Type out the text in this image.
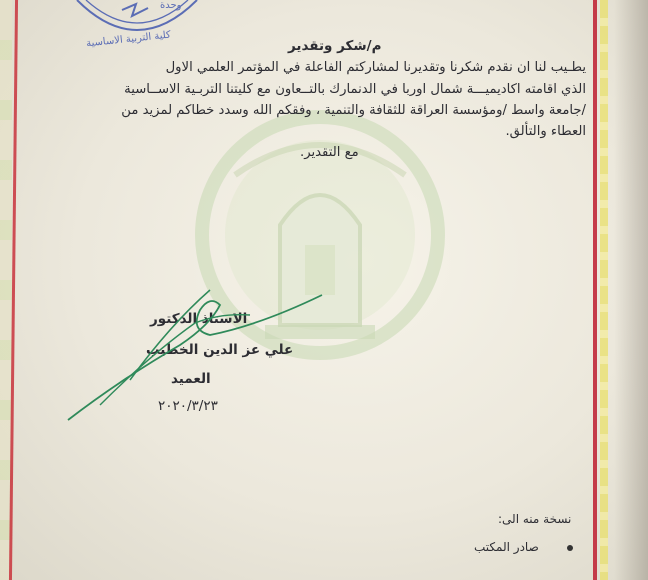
كلية التربية الاساسية
وحدة
م/شكر وتقدير
يطـيب لنا ان نقدم شكرنا وتقديرنا لمشاركتم الفاعلة في المؤتمر العلمي الاول
الذي اقامته اكاديميـــة شمال اوربا في الدنمارك بالتــعاون مع كليتنا التربـية الاســاسية
/جامعة واسط /ومؤسسة العراقة للثقافة والتنمية ، وفقكم الله وسدد خطاكم لمزيد من
العطاء والتألق.
مع التقدير.
الاستاذ الدكتور
علي عز الدين الخطيب
العميد
٢٠٢٠/٣/٢٣
نسخة منه الى:
صادر المكتب
